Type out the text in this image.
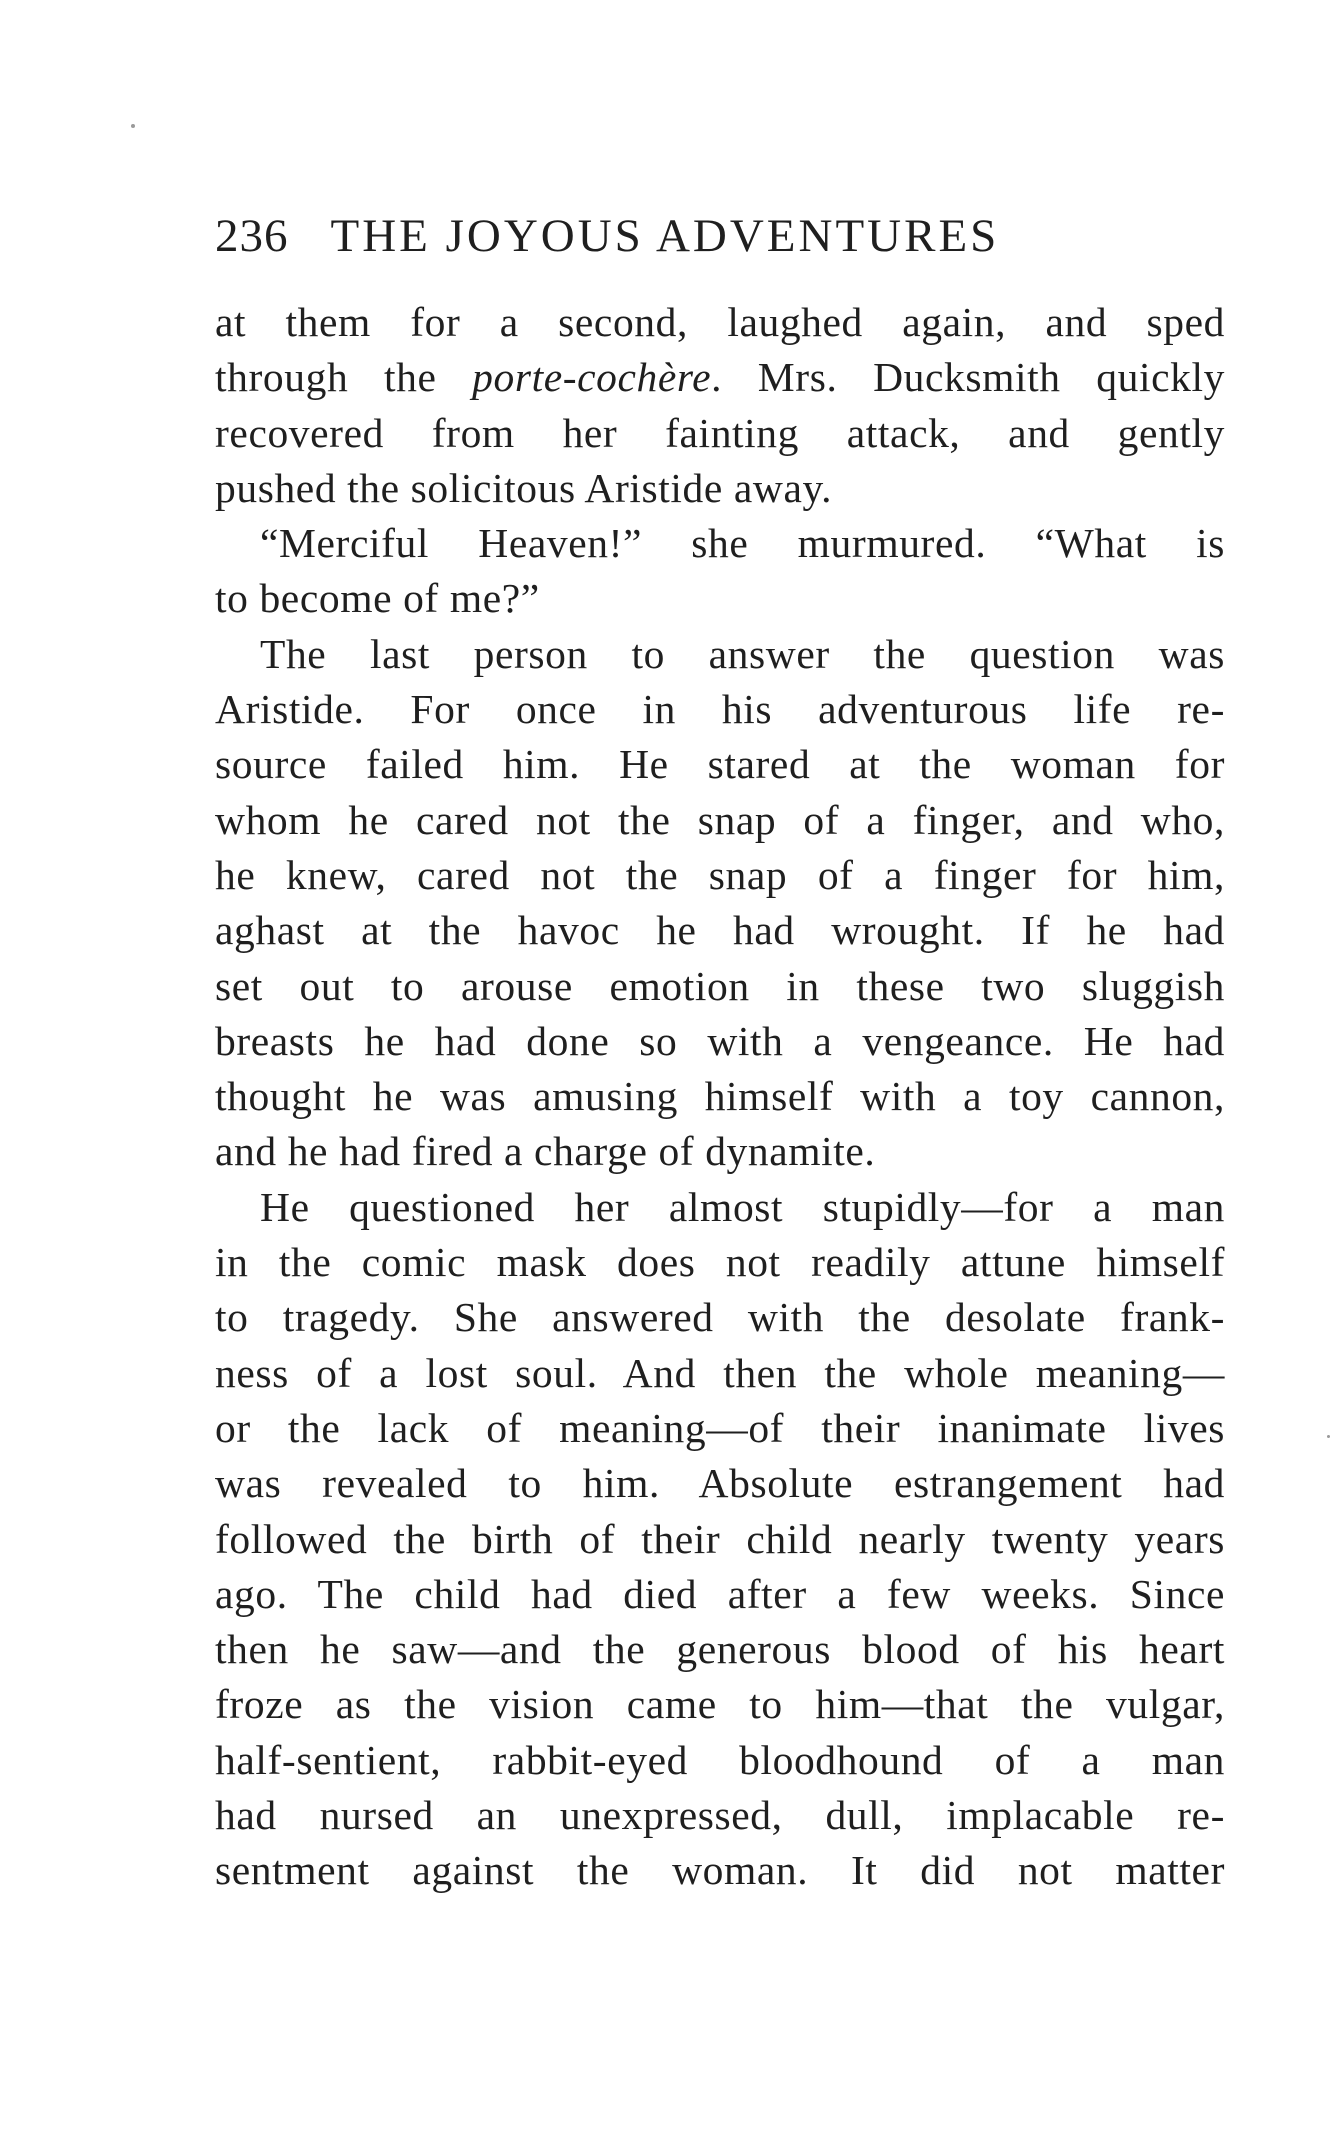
236 THE JOYOUS ADVENTURES
at them for a second, laughed again, and sped
through the porte-cochère. Mrs. Ducksmith quickly
recovered from her fainting attack, and gently
pushed the solicitous Aristide away.
“Merciful Heaven!” she murmured. “What is
to become of me?”
The last person to answer the question was
Aristide. For once in his adventurous life re-
source failed him. He stared at the woman for
whom he cared not the snap of a finger, and who,
he knew, cared not the snap of a finger for him,
aghast at the havoc he had wrought. If he had
set out to arouse emotion in these two sluggish
breasts he had done so with a vengeance. He had
thought he was amusing himself with a toy cannon,
and he had fired a charge of dynamite.
He questioned her almost stupidly—for a man
in the comic mask does not readily attune himself
to tragedy. She answered with the desolate frank-
ness of a lost soul. And then the whole meaning—
or the lack of meaning—of their inanimate lives
was revealed to him. Absolute estrangement had
followed the birth of their child nearly twenty years
ago. The child had died after a few weeks. Since
then he saw—and the generous blood of his heart
froze as the vision came to him—that the vulgar,
half-sentient, rabbit-eyed bloodhound of a man
had nursed an unexpressed, dull, implacable re-
sentment against the woman. It did not matter
